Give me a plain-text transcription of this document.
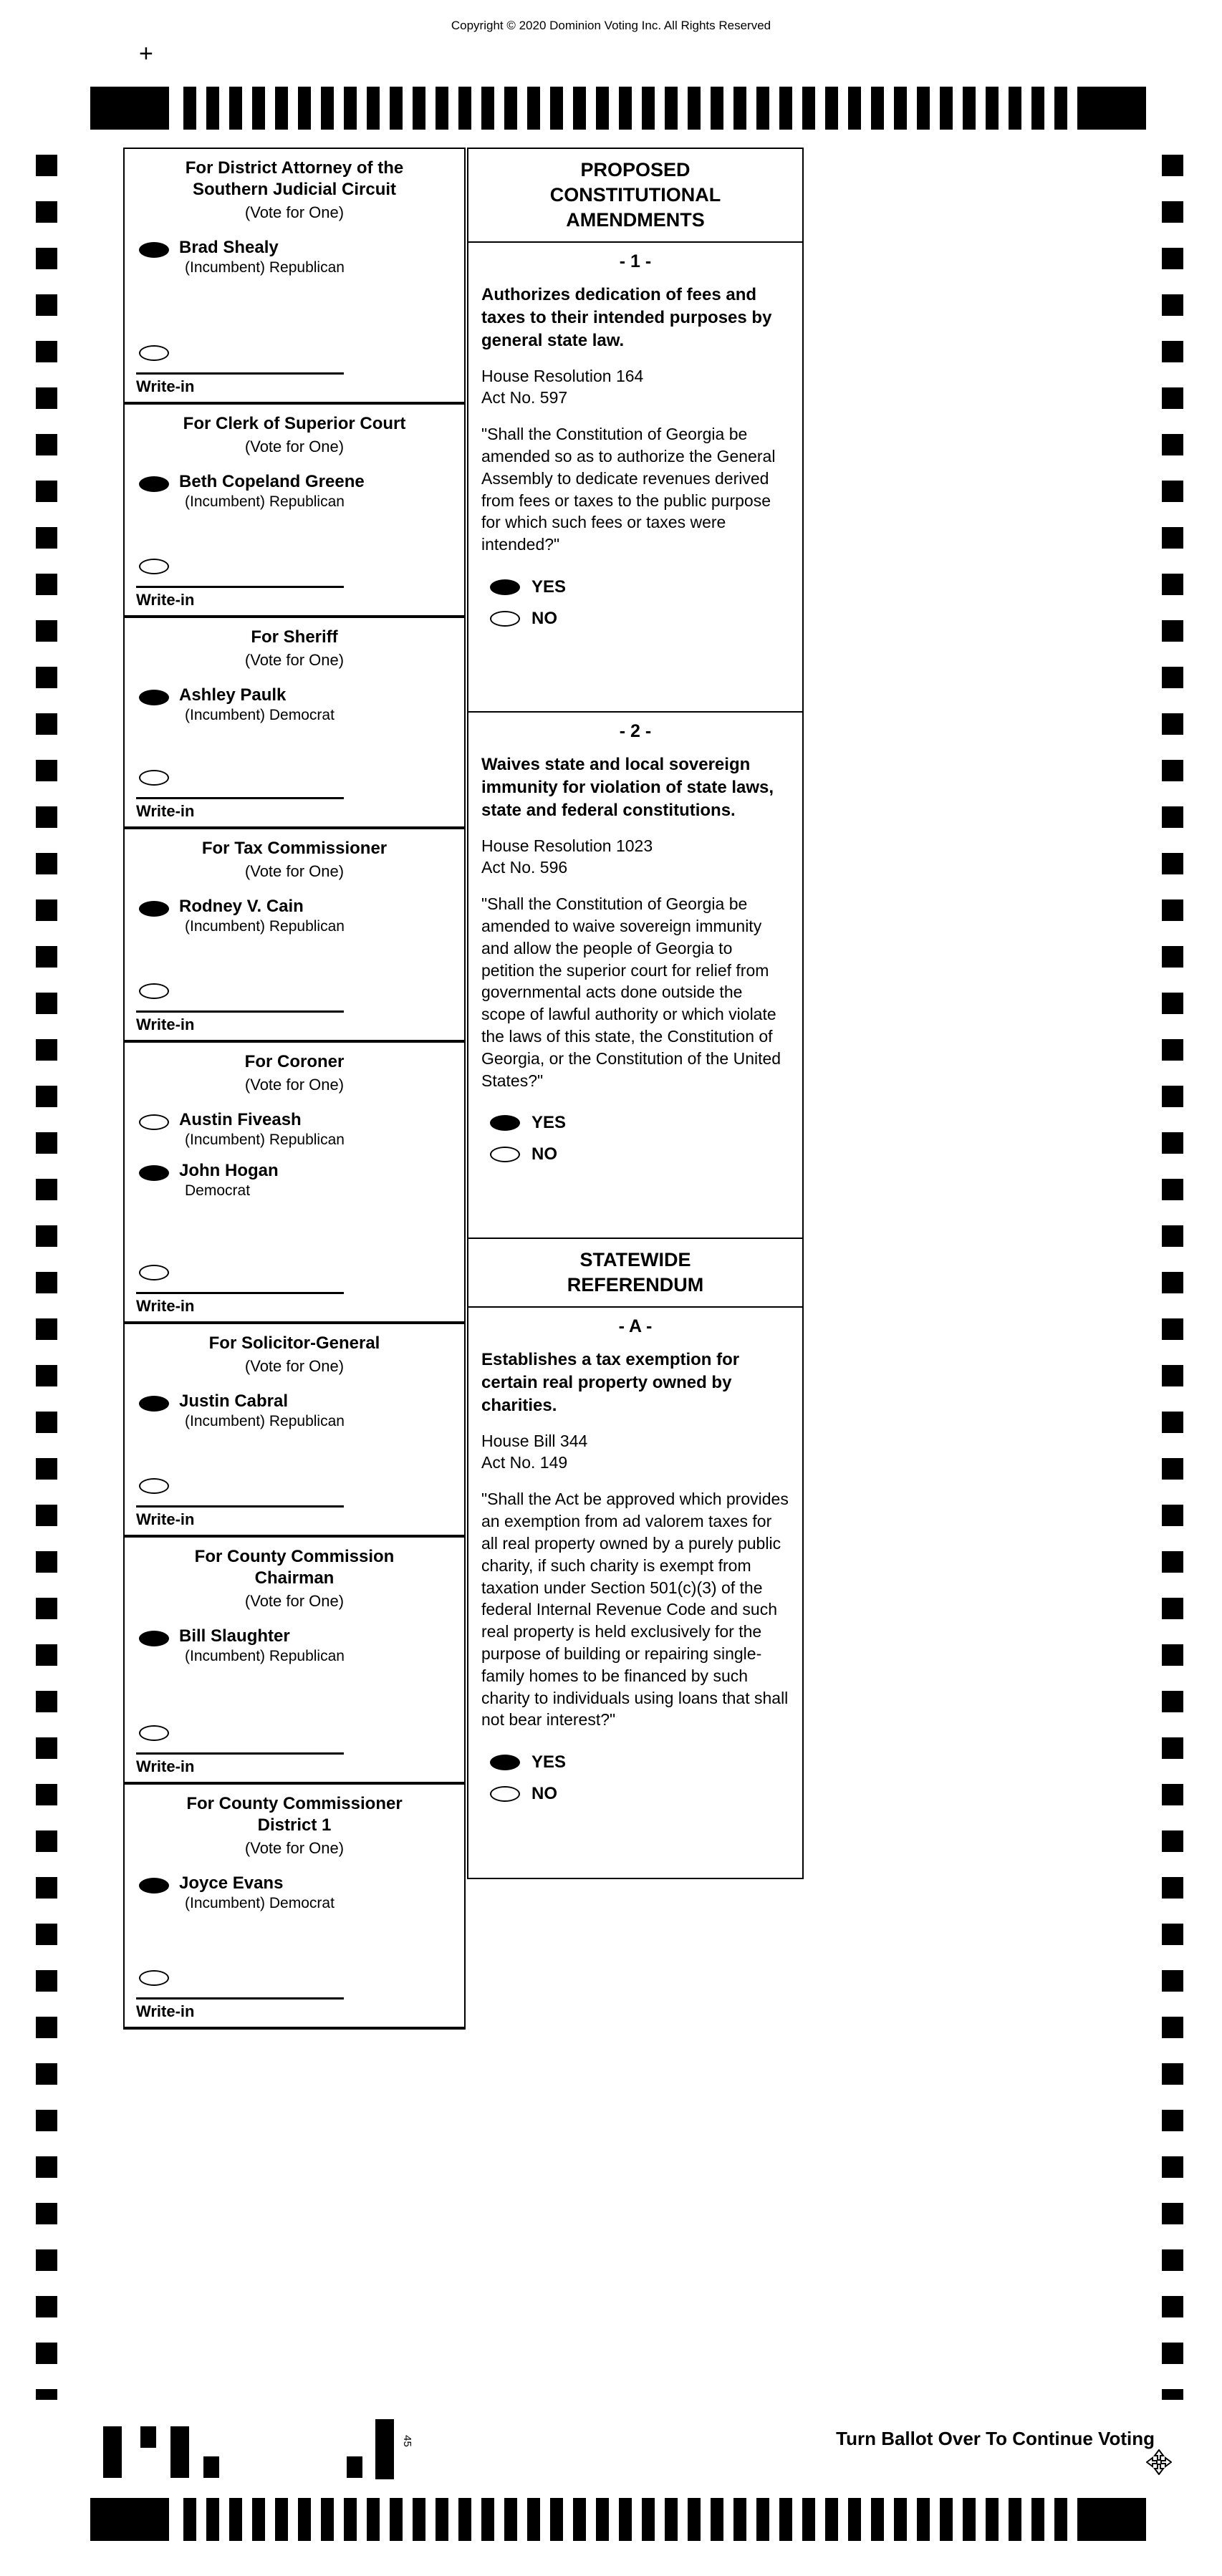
Copyright © 2020 Dominion Voting Inc. All Rights Reserved
+
For District Attorney of the Southern Judicial Circuit
(Vote for One)
Brad Shealy
(Incumbent) Republican
Write-in
For Clerk of Superior Court
(Vote for One)
Beth Copeland Greene
(Incumbent) Republican
Write-in
For Sheriff
(Vote for One)
Ashley Paulk
(Incumbent) Democrat
Write-in
For Tax Commissioner
(Vote for One)
Rodney V. Cain
(Incumbent) Republican
Write-in
For Coroner
(Vote for One)
Austin Fiveash
(Incumbent) Republican
John Hogan
Democrat
Write-in
For Solicitor-General
(Vote for One)
Justin Cabral
(Incumbent) Republican
Write-in
For County Commission Chairman
(Vote for One)
Bill Slaughter
(Incumbent) Republican
Write-in
For County Commissioner District 1
(Vote for One)
Joyce Evans
(Incumbent) Democrat
Write-in
PROPOSED CONSTITUTIONAL AMENDMENTS
- 1 -
Authorizes dedication of fees and taxes to their intended purposes by general state law.
House Resolution 164
Act No. 597
"Shall the Constitution of Georgia be amended so as to authorize the General Assembly to dedicate revenues derived from fees or taxes to the public purpose for which such fees or taxes were intended?"
YES
NO
- 2 -
Waives state and local sovereign immunity for violation of state laws, state and federal constitutions.
House Resolution 1023
Act No. 596
"Shall the Constitution of Georgia be amended to waive sovereign immunity and allow the people of Georgia to petition the superior court for relief from governmental acts done outside the scope of lawful authority or which violate the laws of this state, the Constitution of Georgia, or the Constitution of the United States?"
YES
NO
STATEWIDE REFERENDUM
- A -
Establishes a tax exemption for certain real property owned by charities.
House Bill 344
Act No. 149
"Shall the Act be approved which provides an exemption from ad valorem taxes for all real property owned by a purely public charity, if such charity is exempt from taxation under Section 501(c)(3) of the federal Internal Revenue Code and such real property is held exclusively for the purpose of building or repairing single-family homes to be financed by such charity to individuals using loans that shall not bear interest?"
YES
NO
45	Turn Ballot Over To Continue Voting
